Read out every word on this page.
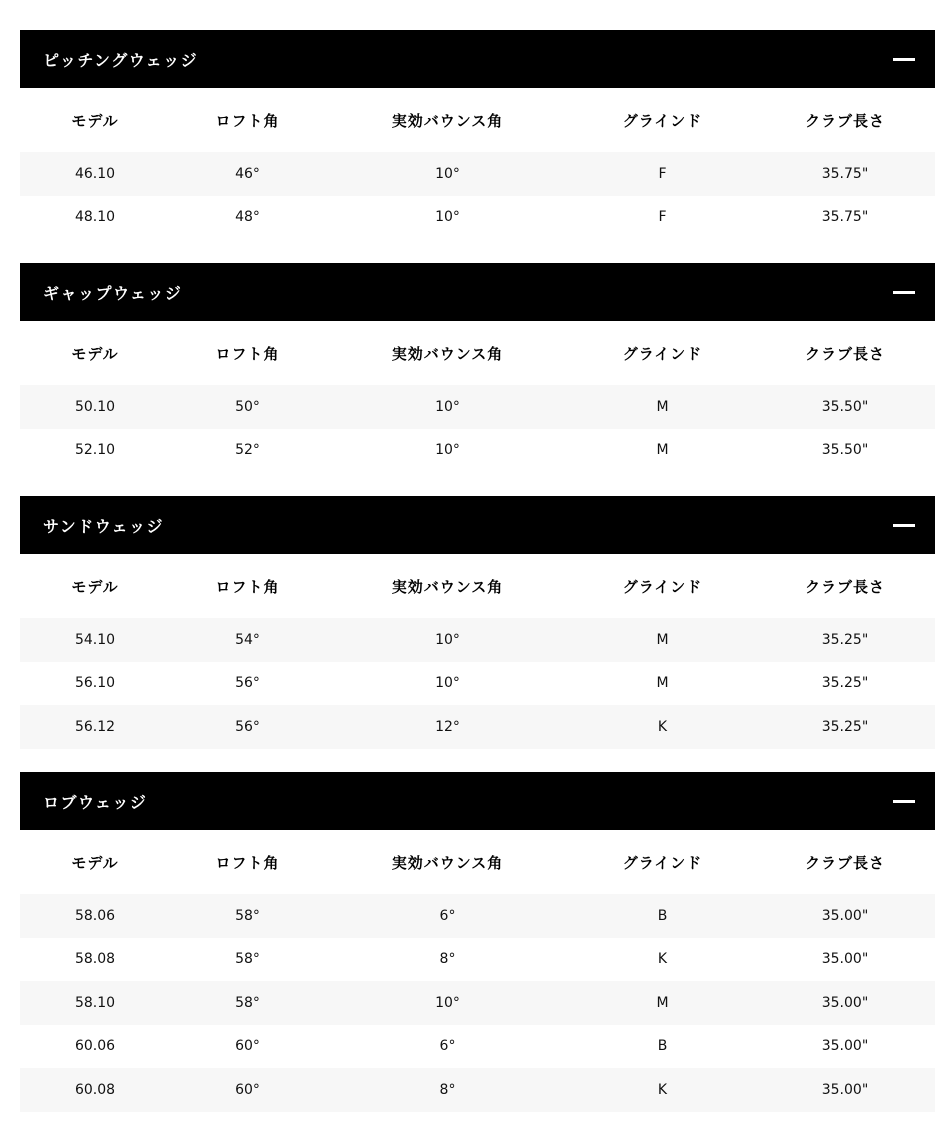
ピッチングウェッジ
モデル	ロフト角	実効バウンス角	グラインド	クラブ長さ
46.10	46°	10°	F	35.75"
48.10	48°	10°	F	35.75"
ギャップウェッジ
モデル	ロフト角	実効バウンス角	グラインド	クラブ長さ
50.10	50°	10°	M	35.50"
52.10	52°	10°	M	35.50"
サンドウェッジ
モデル	ロフト角	実効バウンス角	グラインド	クラブ長さ
54.10	54°	10°	M	35.25"
56.10	56°	10°	M	35.25"
56.12	56°	12°	K	35.25"
ロブウェッジ
モデル	ロフト角	実効バウンス角	グラインド	クラブ長さ
58.06	58°	6°	B	35.00"
58.08	58°	8°	K	35.00"
58.10	58°	10°	M	35.00"
60.06	60°	6°	B	35.00"
60.08	60°	8°	K	35.00"
